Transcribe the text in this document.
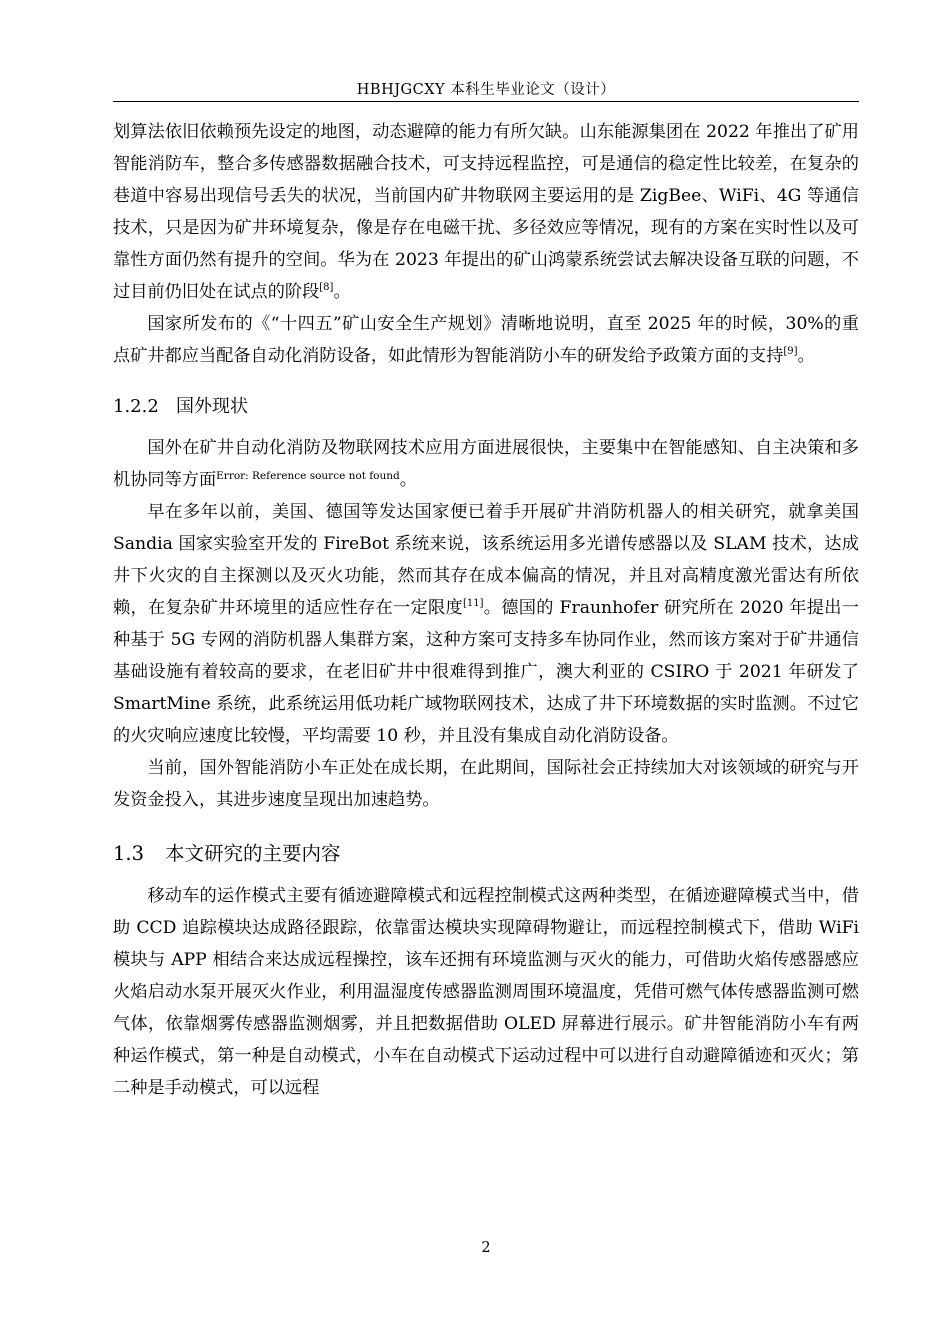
HBHJGCXY 本科生毕业论文（设计）

划算法依旧依赖预先设定的地图，动态避障的能力有所欠缺。山东能源集团在 2022 年推出了矿用智能消防车，整合多传感器数据融合技术，可支持远程监控，可是通信的稳定性比较差，在复杂的巷道中容易出现信号丢失的状况，当前国内矿井物联网主要运用的是 ZigBee、WiFi、4G 等通信技术，只是因为矿井环境复杂，像是存在电磁干扰、多径效应等情况，现有的方案在实时性以及可靠性方面仍然有提升的空间。华为在 2023 年提出的矿山鸿蒙系统尝试去解决设备互联的问题，不过目前仍旧处在试点的阶段[8]。

国家所发布的《“十四五”矿山安全生产规划》清晰地说明，直至 2025 年的时候，30%的重点矿井都应当配备自动化消防设备，如此情形为智能消防小车的研发给予政策方面的支持[9]。

1.2.2 国外现状

国外在矿井自动化消防及物联网技术应用方面进展很快，主要集中在智能感知、自主决策和多机协同等方面$^{Error: Reference source not found}$。

早在多年以前，美国、德国等发达国家便已着手开展矿井消防机器人的相关研究，就拿美国 Sandia 国家实验室开发的 FireBot 系统来说，该系统运用多光谱传感器以及 SLAM 技术，达成井下火灾的自主探测以及灭火功能，然而其存在成本偏高的情况，并且对高精度激光雷达有所依赖，在复杂矿井环境里的适应性存在一定限度[11]。德国的 Fraunhofer 研究所在 2020 年提出一种基于 5G 专网的消防机器人集群方案，这种方案可支持多车协同作业，然而该方案对于矿井通信基础设施有着较高的要求，在老旧矿井中很难得到推广，澳大利亚的 CSIRO 于 2021 年研发了 SmartMine 系统，此系统运用低功耗广域物联网技术，达成了井下环境数据的实时监测。不过它的火灾响应速度比较慢，平均需要 10 秒，并且没有集成自动化消防设备。

当前，国外智能消防小车正处在成长期，在此期间，国际社会正持续加大对该领域的研究与开发资金投入，其进步速度呈现出加速趋势。

1.3 本文研究的主要内容

移动车的运作模式主要有循迹避障模式和远程控制模式这两种类型，在循迹避障模式当中，借助 CCD 追踪模块达成路径跟踪，依靠雷达模块实现障碍物避让，而远程控制模式下，借助 WiFi 模块与 APP 相结合来达成远程操控，该车还拥有环境监测与灭火的能力，可借助火焰传感器感应火焰启动水泵开展灭火作业，利用温湿度传感器监测周围环境温度，凭借可燃气体传感器监测可燃气体，依靠烟雾传感器监测烟雾，并且把数据借助 OLED 屏幕进行展示。矿井智能消防小车有两种运作模式，第一种是自动模式，小车在自动模式下运动过程中可以进行自动避障循迹和灭火；第二种是手动模式，可以远程

2
